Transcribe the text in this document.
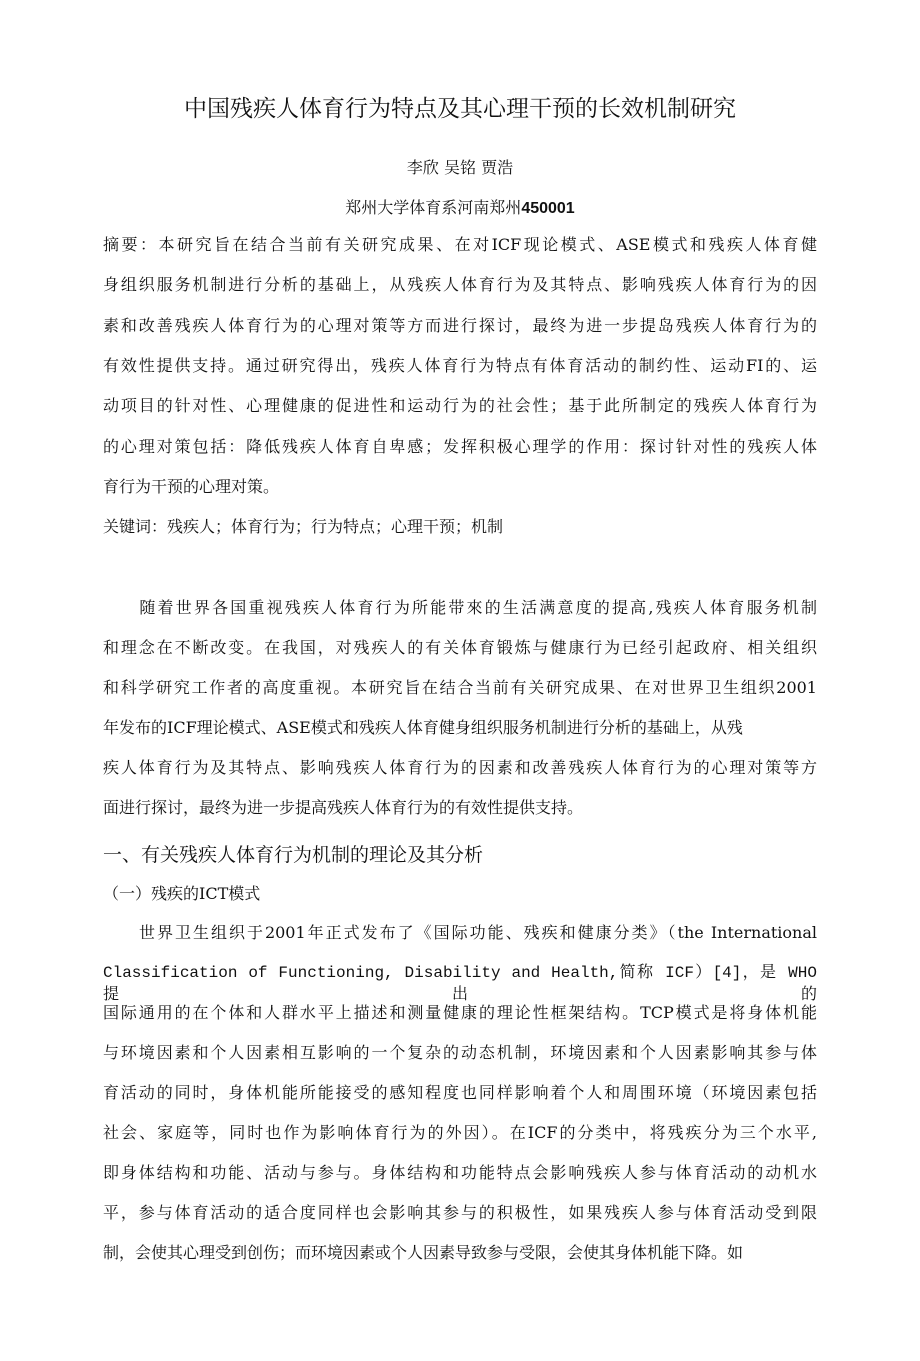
中国残疾人体育行为特点及其心理干预的长效机制研究
李欣 吴铭 贾浩
郑州大学体育系河南郑州450001
摘要：本研究旨在结合当前有关研究成果、在对ICF现论模式、ASE模式和残疾人体育健
身组织服务机制进行分析的基础上，从残疾人体育行为及其特点、影响残疾人体育行为的因
素和改善残疾人体育行为的心理对策等方而进行探讨，最终为进一步提岛残疾人体育行为的
有效性提供支持。通过研究得出，残疾人体育行为特点有体育活动的制约性、运动FI的、运
动项目的针对性、心理健康的促进性和运动行为的社会性；基于此所制定的残疾人体育行为
的心理对策包括：降低残疾人体育自卑感；发挥积极心理学的作用：探讨针对性的残疾人体
育行为干预的心理对策。
关键词：残疾人；体育行为；行为特点；心理干预；机制
　　随着世界各国重视残疾人体育行为所能带來的生活满意度的提高,残疾人体育服务机制
和理念在不断改变。在我国，对残疾人的有关体育锻炼与健康行为已经引起政府、相关组织
和科学研究工作者的高度重视。本研究旨在结合当前有关研究成果、在对世界卫生组织2001
年发布的ICF理论模式、ASE模式和残疾人体育健身组织服务机制进行分析的基础上，从残
疾人体育行为及其特点、影响残疾人体育行为的因素和改善残疾人体育行为的心理对策等方
面进行探讨，最终为进一步提高残疾人体育行为的有效性提供支持。
一、有关残疾人体育行为机制的理论及其分析
（一）残疾的ICT模式
　　世界卫生组织于2001年正式发布了《国际功能、残疾和健康分类》（the International
Classification of Functioning, Disability and Health,简称 ICF）[4]，是 WHO 提出的
国际通用的在个体和人群水平上描述和测量健康的理论性框架结构。TCP模式是将身体机能
与环境因素和个人因素相互影响的一个复杂的动态机制，环境因素和个人因素影响其参与体
育活动的同时，身体机能所能接受的感知程度也同样影响着个人和周围环境（环境因素包括
社会、家庭等，同时也作为影响体育行为的外因）。在ICF的分类中，将残疾分为三个水平,
即身体结构和功能、活动与参与。身体结构和功能特点会影响残疾人参与体育活动的动机水
平，参与体育活动的适合度同样也会影响其参与的积极性，如果残疾人参与体育活动受到限
制，会使其心理受到创伤；而环境因素或个人因素导致参与受限，会使其身体机能下降。如
